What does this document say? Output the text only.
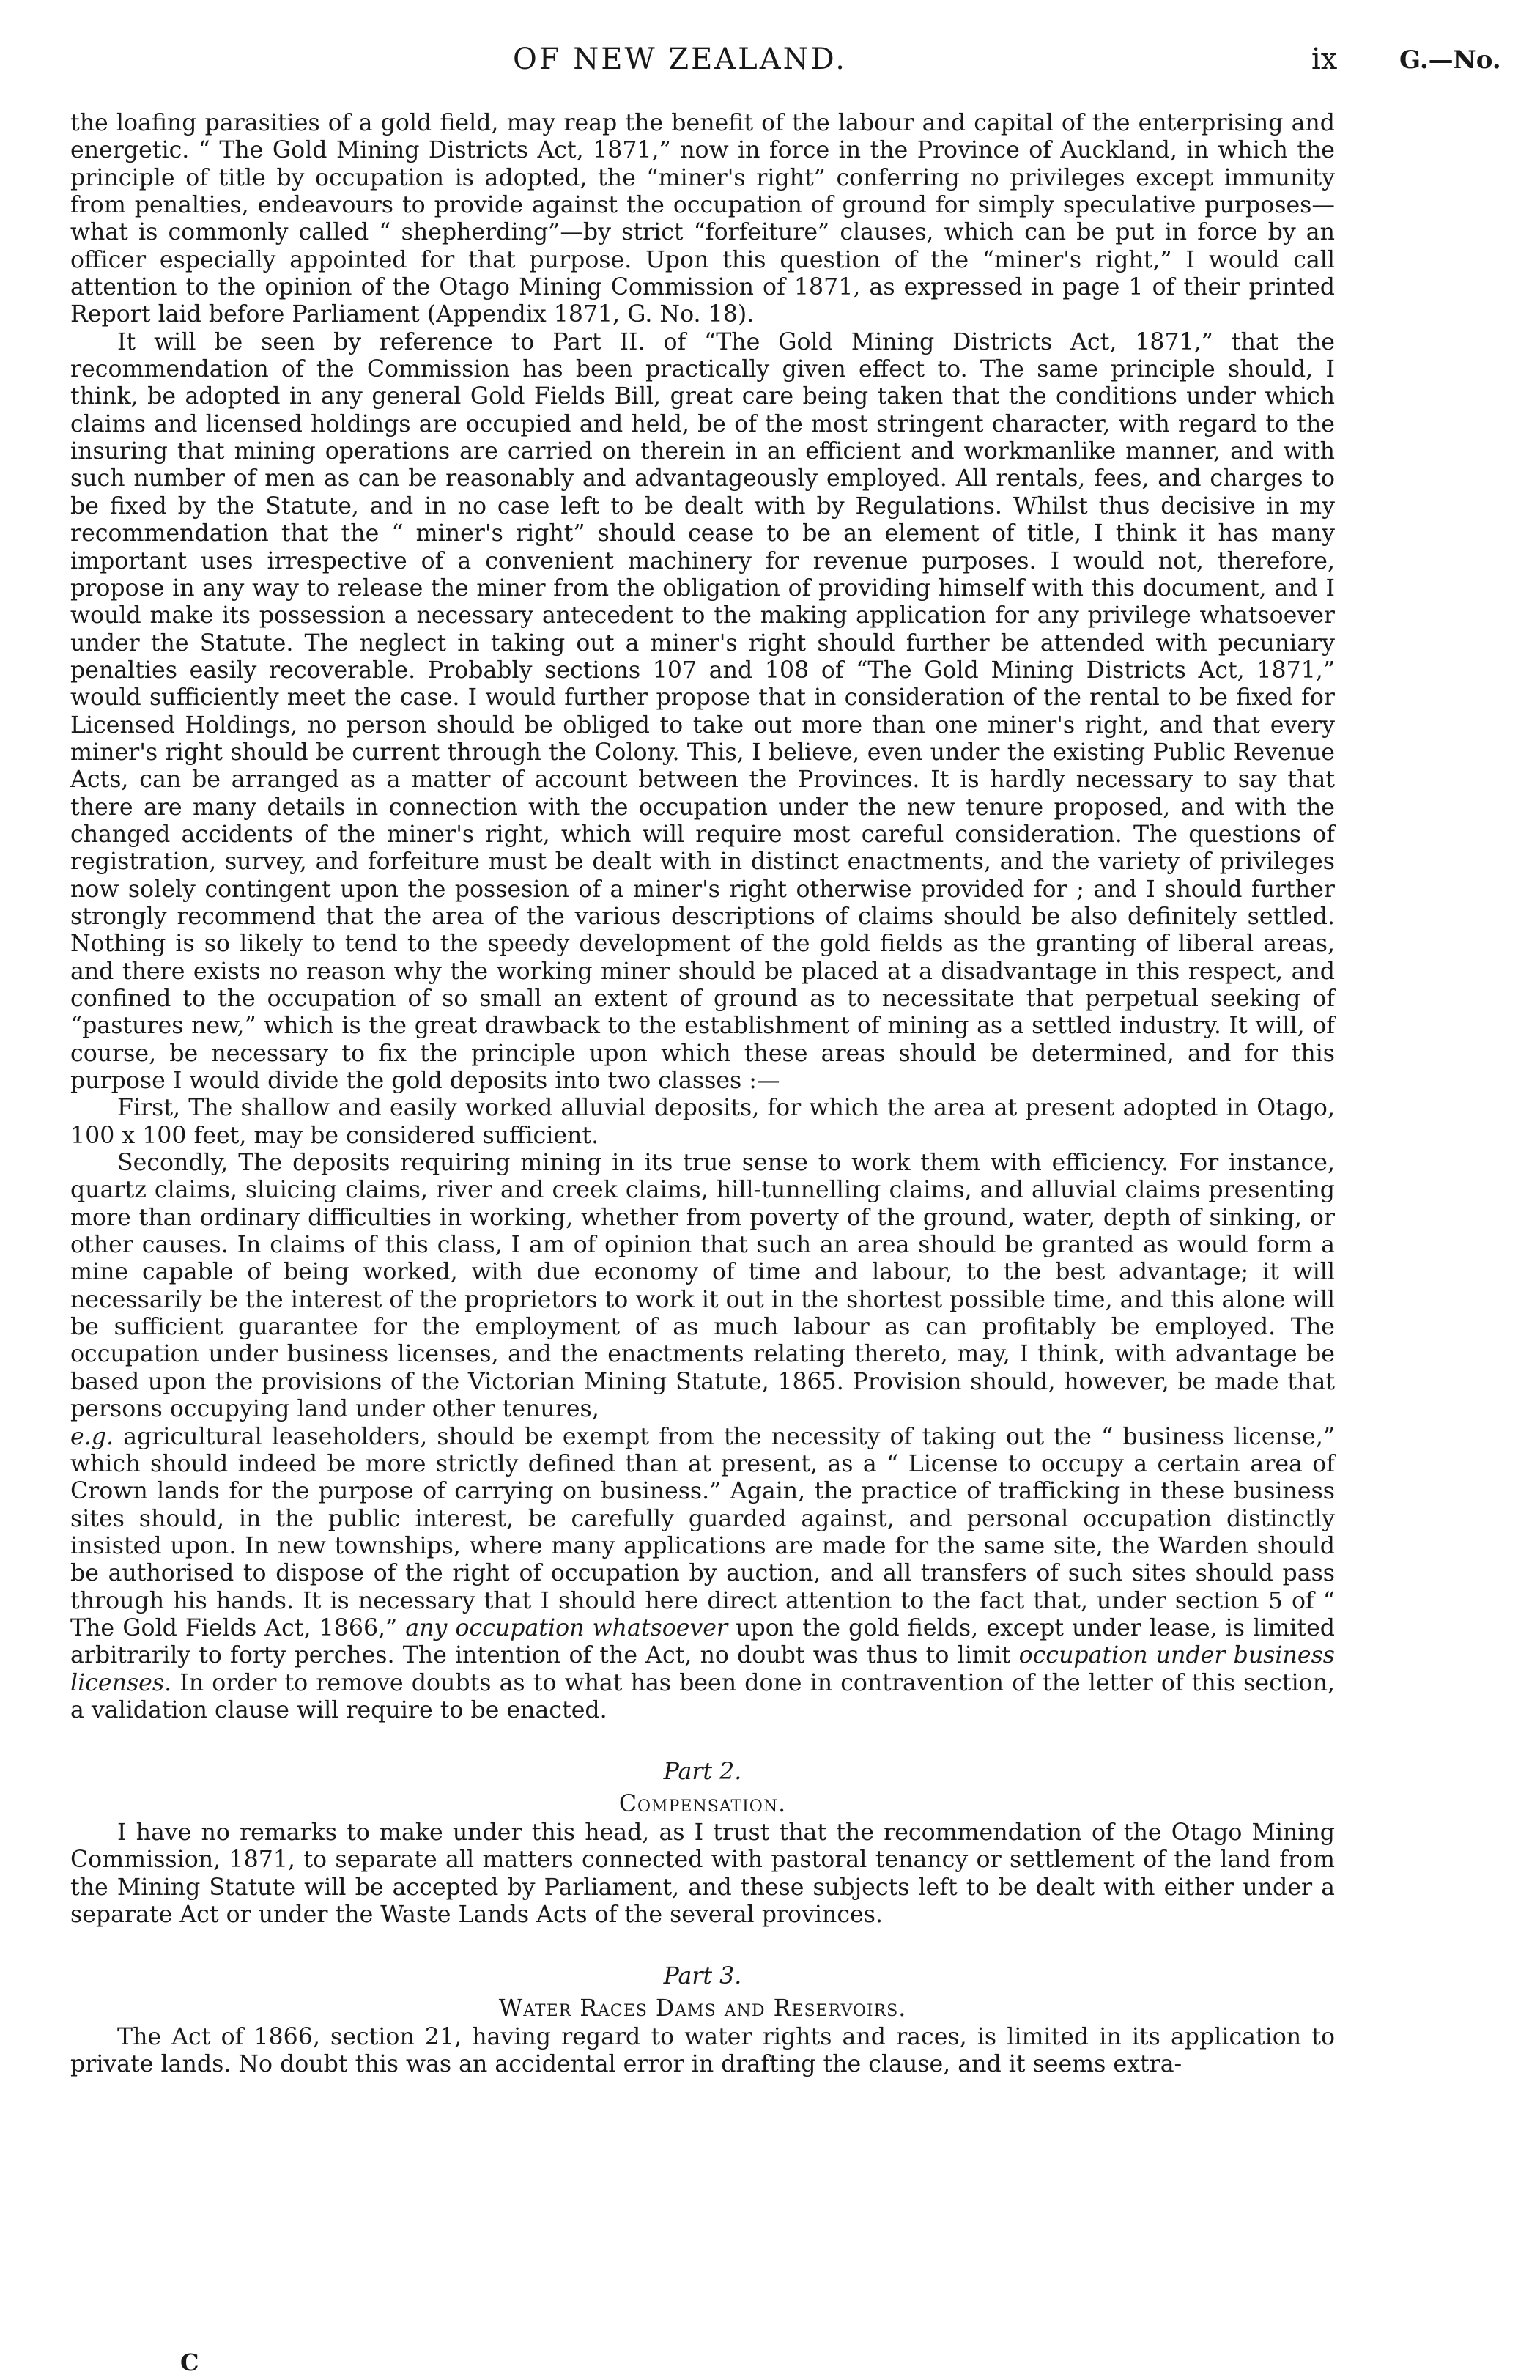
OF NEW ZEALAND.	ix G.—No.

the loafing parasities of a gold field, may reap the benefit of the labour and capital of the enterprising and energetic. “ The Gold Mining Districts Act, 1871,” now in force in the Province of Auckland, in which the principle of title by occupation is adopted, the “miner's right” conferring no privileges except immunity from penalties, endeavours to provide against the occupation of ground for simply speculative purposes—what is commonly called “ shepherding”—by strict “forfeiture” clauses, which can be put in force by an officer especially appointed for that purpose. Upon this question of the “miner's right,” I would call attention to the opinion of the Otago Mining Commission of 1871, as expressed in page 1 of their printed Report laid before Parliament (Appendix 1871, G. No. 18).

It will be seen by reference to Part II. of “The Gold Mining Districts Act, 1871,” that the recommendation of the Commission has been practically given effect to. The same principle should, I think, be adopted in any general Gold Fields Bill, great care being taken that the conditions under which claims and licensed holdings are occupied and held, be of the most stringent character, with regard to the insuring that mining operations are carried on therein in an efficient and workmanlike manner, and with such number of men as can be reasonably and advantageously employed. All rentals, fees, and charges to be fixed by the Statute, and in no case left to be dealt with by Regulations. Whilst thus decisive in my recommendation that the “ miner's right” should cease to be an element of title, I think it has many important uses irrespective of a convenient machinery for revenue purposes. I would not, therefore, propose in any way to release the miner from the obligation of providing himself with this document, and I would make its possession a necessary antecedent to the making application for any privilege whatsoever under the Statute. The neglect in taking out a miner's right should further be attended with pecuniary penalties easily recoverable. Probably sections 107 and 108 of “The Gold Mining Districts Act, 1871,” would sufficiently meet the case. I would further propose that in consideration of the rental to be fixed for Licensed Holdings, no person should be obliged to take out more than one miner's right, and that every miner's right should be current through the Colony. This, I believe, even under the existing Public Revenue Acts, can be arranged as a matter of account between the Provinces. It is hardly necessary to say that there are many details in connection with the occupation under the new tenure proposed, and with the changed accidents of the miner's right, which will require most careful consideration. The questions of registration, survey, and forfeiture must be dealt with in distinct enactments, and the variety of privileges now solely contingent upon the possesion of a miner's right otherwise provided for ; and I should further strongly recommend that the area of the various descriptions of claims should be also definitely settled. Nothing is so likely to tend to the speedy development of the gold fields as the granting of liberal areas, and there exists no reason why the working miner should be placed at a disadvantage in this respect, and confined to the occupation of so small an extent of ground as to necessitate that perpetual seeking of “pastures new,” which is the great drawback to the establishment of mining as a settled industry. It will, of course, be necessary to fix the principle upon which these areas should be determined, and for this purpose I would divide the gold deposits into two classes :—

First, The shallow and easily worked alluvial deposits, for which the area at present adopted in Otago, 100 x 100 feet, may be considered sufficient.

Secondly, The deposits requiring mining in its true sense to work them with efficiency. For instance, quartz claims, sluicing claims, river and creek claims, hill-tunnelling claims, and alluvial claims presenting more than ordinary difficulties in working, whether from poverty of the ground, water, depth of sinking, or other causes. In claims of this class, I am of opinion that such an area should be granted as would form a mine capable of being worked, with due economy of time and labour, to the best advantage; it will necessarily be the interest of the proprietors to work it out in the shortest possible time, and this alone will be sufficient guarantee for the employment of as much labour as can profitably be employed. The occupation under business licenses, and the enactments relating thereto, may, I think, with advantage be based upon the provisions of the Victorian Mining Statute, 1865. Provision should, however, be made that persons occupying land under other tenures,
e.g. agricultural leaseholders, should be exempt from the necessity of taking out the “ business license,” which should indeed be more strictly defined than at present, as a “ License to occupy a certain area of Crown lands for the purpose of carrying on business.” Again, the practice of trafficking in these business sites should, in the public interest, be carefully guarded against, and personal occupation distinctly insisted upon. In new townships, where many applications are made for the same site, the Warden should be authorised to dispose of the right of occupation by auction, and all transfers of such sites should pass through his hands. It is necessary that I should here direct attention to the fact that, under section 5 of “ The Gold Fields Act, 1866,” any occupation whatsoever upon the gold fields, except under lease, is limited arbitrarily to forty perches. The intention of the Act, no doubt was thus to limit occupation under business licenses. In order to remove doubts as to what has been done in contravention of the letter of this section, a validation clause will require to be enacted.

Part 2.
Compensation.

I have no remarks to make under this head, as I trust that the recommendation of the Otago Mining Commission, 1871, to separate all matters connected with pastoral tenancy or settlement of the land from the Mining Statute will be accepted by Parliament, and these subjects left to be dealt with either under a separate Act or under the Waste Lands Acts of the several provinces.

Part 3.
Water Races Dams and Reservoirs.

The Act of 1866, section 21, having regard to water rights and races, is limited in its application to private lands. No doubt this was an accidental error in drafting the clause, and it seems extra-

C
